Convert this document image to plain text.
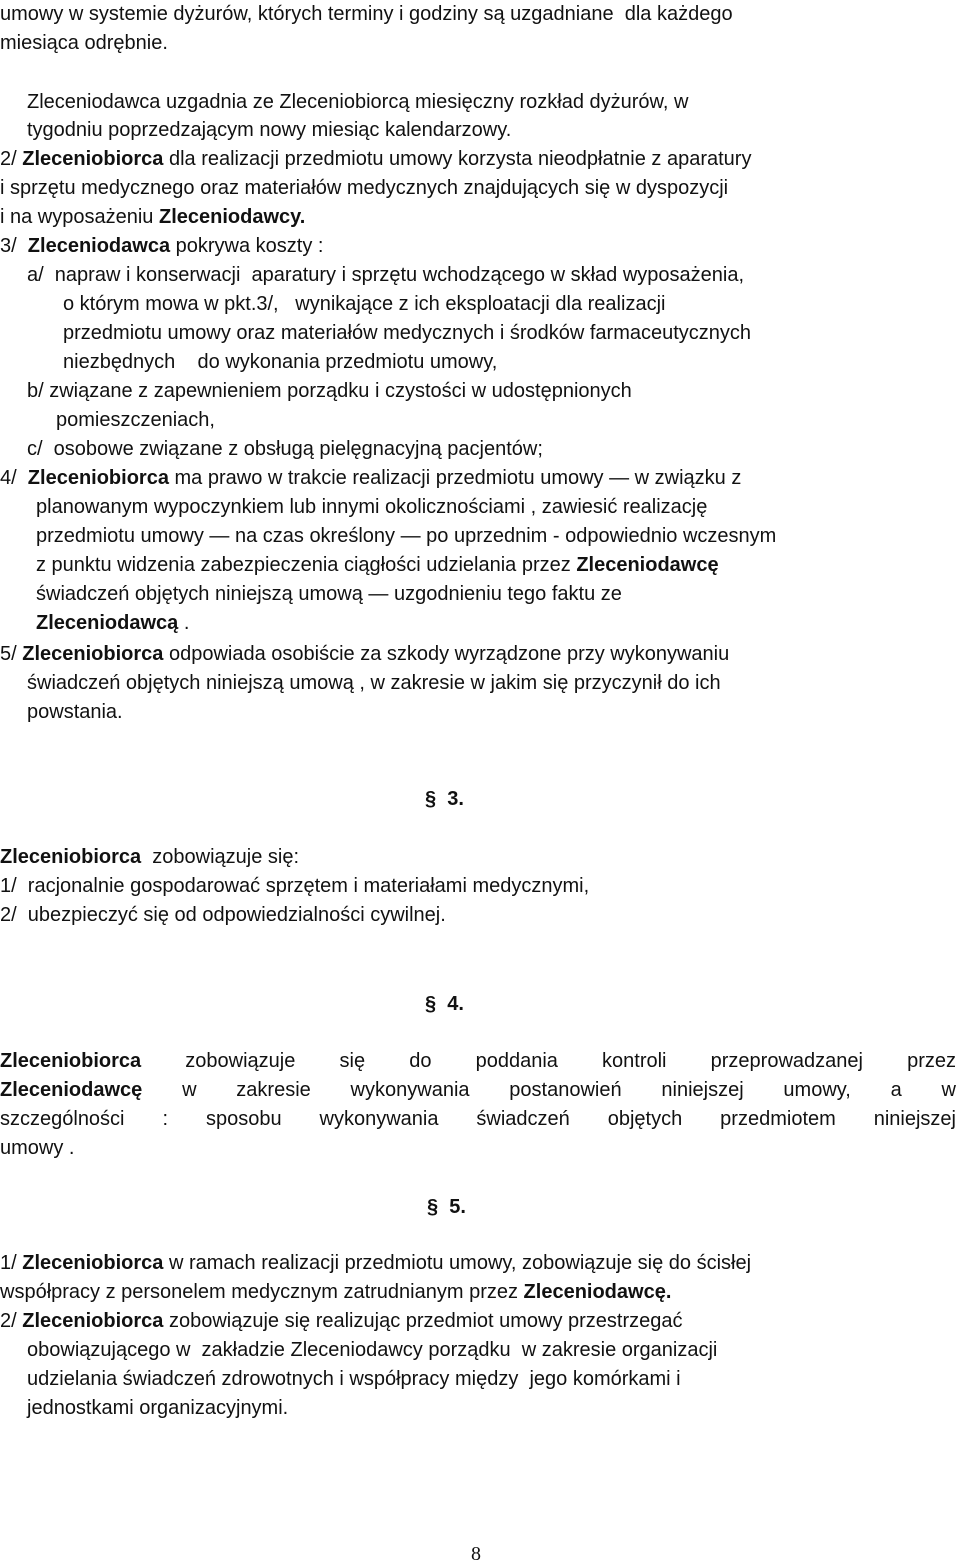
umowy w systemie dyżurów, których terminy i godziny są uzgadniane  dla każdego
miesiąca odrębnie.
Zleceniodawca uzgadnia ze Zleceniobiorcą miesięczny rozkład dyżurów, w
tygodniu poprzedzającym nowy miesiąc kalendarzowy.
2/ Zleceniobiorca dla realizacji przedmiotu umowy korzysta nieodpłatnie z aparatury
i sprzętu medycznego oraz materiałów medycznych znajdujących się w dyspozycji
i na wyposażeniu Zleceniodawcy.
3/  Zleceniodawca pokrywa koszty :
a/  napraw i konserwacji  aparatury i sprzętu wchodzącego w skład wyposażenia,
o którym mowa w pkt.3/,   wynikające z ich eksploatacji dla realizacji
przedmiotu umowy oraz materiałów medycznych i środków farmaceutycznych
niezbędnych    do wykonania przedmiotu umowy,
b/ związane z zapewnieniem porządku i czystości w udostępnionych
pomieszczeniach,
c/  osobowe związane z obsługą pielęgnacyjną pacjentów;
4/  Zleceniobiorca ma prawo w trakcie realizacji przedmiotu umowy — w związku z
planowanym wypoczynkiem lub innymi okolicznościami , zawiesić realizację
przedmiotu umowy — na czas określony — po uprzednim - odpowiednio wczesnym
z punktu widzenia zabezpieczenia ciągłości udzielania przez Zleceniodawcę
świadczeń objętych niniejszą umową — uzgodnieniu tego faktu ze
Zleceniodawcą .
5/ Zleceniobiorca odpowiada osobiście za szkody wyrządzone przy wykonywaniu
świadczeń objętych niniejszą umową , w zakresie w jakim się przyczynił do ich
powstania.
§  3.
Zleceniobiorca  zobowiązuje się:
1/  racjonalnie gospodarować sprzętem i materiałami medycznymi,
2/  ubezpieczyć się od odpowiedzialności cywilnej.
§  4.
Zleceniobiorca zobowiązuje się do poddania kontroli przeprowadzanej przez
Zleceniodawcę w zakresie wykonywania postanowień niniejszej umowy, a w
szczególności : sposobu wykonywania świadczeń objętych przedmiotem niniejszej
umowy .
§  5.
1/ Zleceniobiorca w ramach realizacji przedmiotu umowy, zobowiązuje się do ścisłej
współpracy z personelem medycznym zatrudnianym przez Zleceniodawcę.
2/ Zleceniobiorca zobowiązuje się realizując przedmiot umowy przestrzegać
obowiązującego w  zakładzie Zleceniodawcy porządku  w zakresie organizacji
udzielania świadczeń zdrowotnych i współpracy między  jego komórkami i
jednostkami organizacyjnymi.
8
